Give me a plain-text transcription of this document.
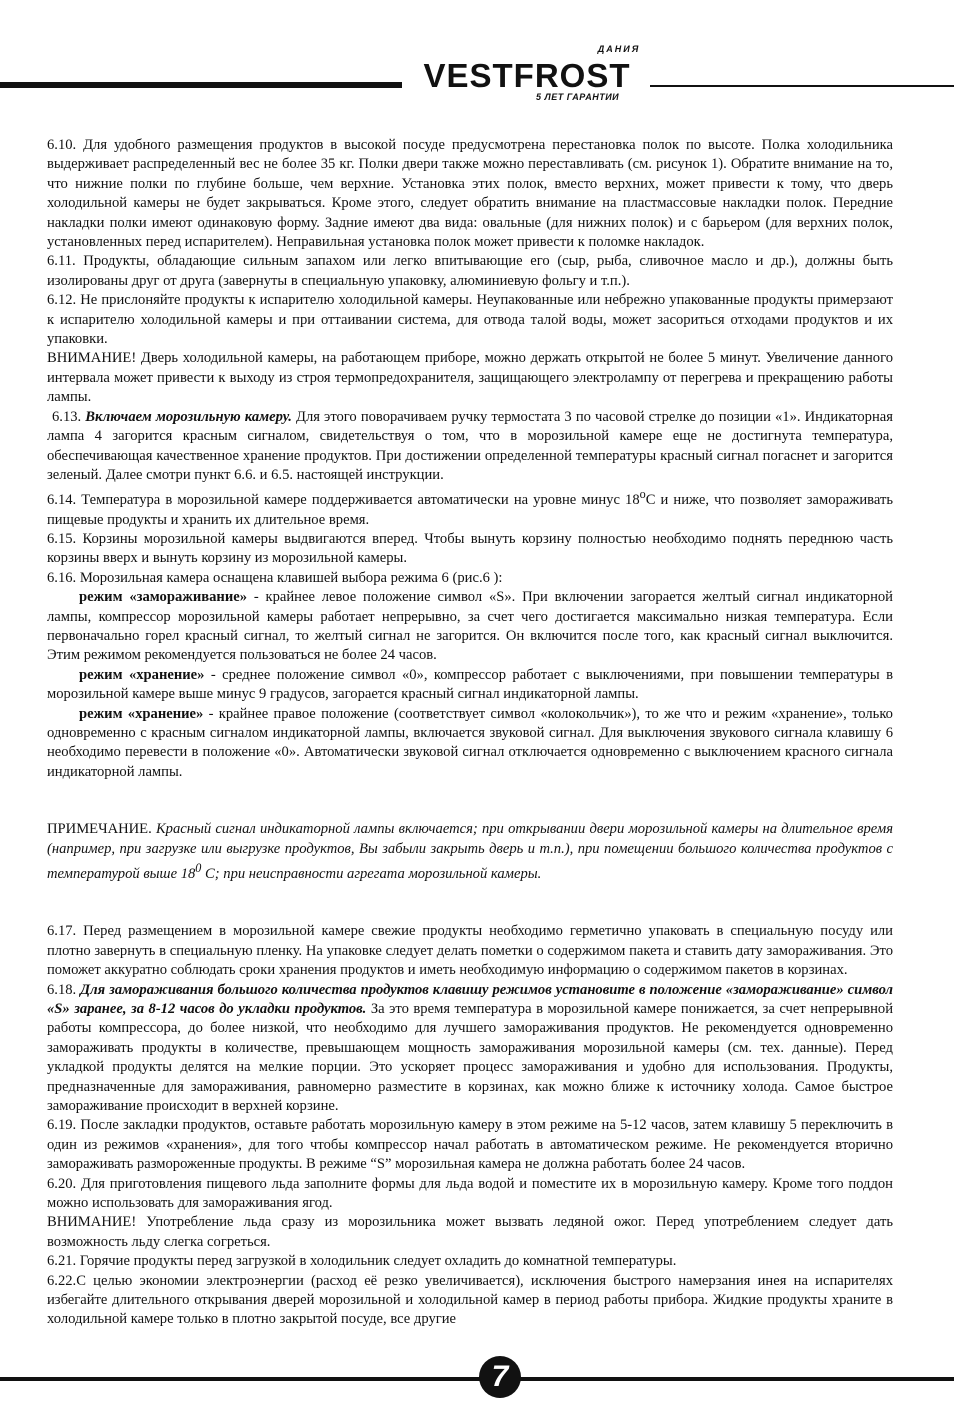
ДАНИЯ
VESTFROST
5 ЛЕТ ГАРАНТИИ

6.10. Для удобного размещения продуктов в высокой посуде предусмотрена перестановка полок по высоте. Полка холодильника выдерживает распределенный вес не более 35 кг. Полки двери также можно переставливать (см. рисунок 1). Обратите внимание на то, что нижние полки по глубине больше, чем верхние. Установка этих полок, вместо верхних, может привести к тому, что дверь холодильной камеры не будет закрываться. Кроме этого, следует обратить внимание на пластмассовые накладки полок. Передние накладки полки имеют одинаковую форму. Задние имеют два вида: овальные (для нижних полок) и с барьером (для верхних полок, установленных перед испарителем). Неправильная установка полок может привести к поломке накладок.

6.11. Продукты, обладающие сильным запахом или легко впитывающие его (сыр, рыба, сливочное масло и др.), должны быть изолированы друг от друга (завернуты в специальную упаковку, алюминиевую фольгу и т.п.).

6.12. Не прислоняйте продукты к испарителю холодильной камеры. Неупакованные или небрежно упакованные продукты примерзают к испарителю холодильной камеры и при оттаивании система, для отвода талой воды, может засориться отходами продуктов и их упаковки.

ВНИМАНИЕ! Дверь холодильной камеры, на работающем приборе, можно держать открытой не более 5 минут. Увеличение данного интервала может привести к выходу из строя термопредохранителя, защищающего электролампу от перегрева и прекращению работы лампы.

6.13. Включаем морозильную камеру. Для этого поворачиваем ручку термостата 3 по часовой стрелке до позиции «1». Индикаторная лампа 4 загорится красным сигналом, свидетельствуя о том, что в морозильной камере еще не достигнута температура, обеспечивающая качественное хранение продуктов. При достижении определенной температуры красный сигнал погаснет и загорится зеленый. Далее смотри пункт 6.6. и 6.5. настоящей инструкции.

6.14. Температура в морозильной камере поддерживается автоматически на уровне минус 18$^o$С и ниже, что позволяет замораживать пищевые продукты и хранить их длительное время.

6.15. Корзины морозильной камеры выдвигаются вперед. Чтобы вынуть корзину полностью необходимо поднять переднюю часть корзины вверх и вынуть корзину из морозильной камеры.

6.16. Морозильная камера оснащена клавишей выбора режима 6 (рис.6 ):

режим «замораживание» - крайнее левое положение символ «S». При включении загорается желтый сигнал индикаторной лампы, компрессор морозильной камеры работает непрерывно, за счет чего достигается максимально низкая температура. Если первоначально горел красный сигнал, то желтый сигнал не загорится. Он включится после того, как красный сигнал выключится. Этим режимом рекомендуется пользоваться не более 24 часов.

режим «хранение» - среднее положение символ «0», компрессор работает с выключениями, при повышении температуры в морозильной камере выше минус 9 градусов, загорается красный сигнал индикаторной лампы.

режим «хранение» - крайнее правое положение (соответствует символ «колокольчик»), то же что и режим «хранение», только одновременно с красным сигналом индикаторной лампы, включается звуковой сигнал. Для выключения звукового сигнала клавишу 6 необходимо перевести в положение «0». Автоматически звуковой сигнал отключается одновременно с выключением красного сигнала индикаторной лампы.

ПРИМЕЧАНИЕ. Красный сигнал индикаторной лампы включается; при открывании двери морозильной камеры на длительное время (например, при загрузке или выгрузке продуктов, Вы забыли закрыть дверь и т.п.), при помещении большого количества продуктов с температурой выше $18^0$ С; при неисправности агрегата морозильной камеры.

6.17. Перед размещением в морозильной камере свежие продукты необходимо герметично упаковать в специальную посуду или плотно завернуть в специальную пленку. На упаковке следует делать пометки о содержимом пакета и ставить дату замораживания. Это поможет аккуратно соблюдать сроки хранения продуктов и иметь необходимую информацию о содержимом пакетов в корзинах.

6.18. Для замораживания большого количества продуктов клавишу режимов установите в положение «замораживание» символ «S» заранее, за 8-12 часов до укладки продуктов. За это время температура в морозильной камере понижается, за счет непрерывной работы компрессора, до более низкой, что необходимо для лучшего замораживания продуктов. Не рекомендуется одновременно замораживать продукты в количестве, превышающем мощность замораживания морозильной камеры (см. тех. данные). Перед укладкой продукты делятся на мелкие порции. Это ускоряет процесс замораживания и удобно для использования. Продукты, предназначенные для замораживания, равномерно разместите в корзинах, как можно ближе к источнику холода. Самое быстрое замораживание происходит в верхней корзине.

6.19. После закладки продуктов, оставьте работать морозильную камеру в этом режиме на 5-12 часов, затем клавишу 5 переключить в один из режимов «хранения», для того чтобы компрессор начал работать в автоматическом режиме. Не рекомендуется вторично замораживать размороженные продукты. В режиме “S” морозильная камера не должна работать более 24 часов.

6.20. Для приготовления пищевого льда заполните формы для льда водой и поместите их в морозильную камеру. Кроме того поддон можно использовать для замораживания ягод.

ВНИМАНИЕ! Употребление льда сразу из морозильника может вызвать ледяной ожог. Перед употреблением следует дать возможность льду слегка согреться.

6.21. Горячие продукты перед загрузкой в холодильник следует охладить до комнатной температуры.

6.22.С целью экономии электроэнергии (расход её резко увеличивается), исключения быстрого намерзания инея на испарителях избегайте длительного открывания дверей морозильной и холодильной камер в период работы прибора. Жидкие продукты храните в холодильной камере только в плотно закрытой посуде, все другие

7
